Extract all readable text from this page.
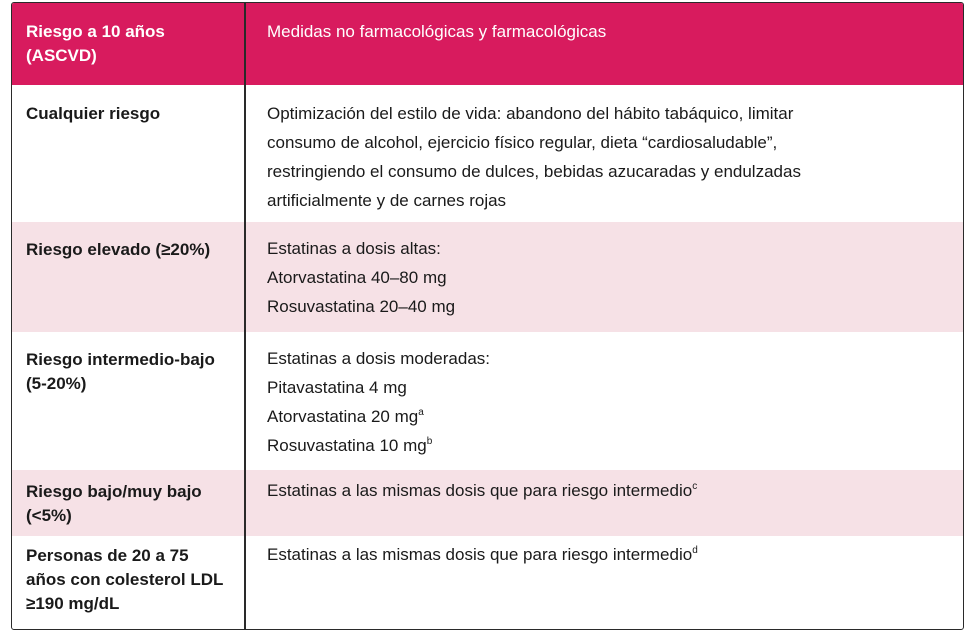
Riesgo a 10 años (ASCVD)
Medidas no farmacológicas y farmacológicas
Cualquier riesgo	Optimización del estilo de vida: abandono del hábito tabáquico, limitar
consumo de alcohol, ejercicio físico regular, dieta “cardiosaludable”,
restringiendo el consumo de dulces, bebidas azucaradas y endulzadas
artificialmente y de carnes rojas
Riesgo elevado (≥20%)	Estatinas a dosis altas:
Atorvastatina 40–80 mg
Rosuvastatina 20–40 mg
Riesgo intermedio-bajo (5-20%)
Estatinas a dosis moderadas:
Pitavastatina 4 mg
Atorvastatina 20 $mg^a$
Rosuvastatina 10 $mg^b$
Riesgo bajo/muy bajo (<5%)
Estatinas a las mismas dosis que para riesgo intermedio$^c$
Personas de 20 a 75 años con colesterol LDL ≥190 mg/dL
Estatinas a las mismas dosis que para riesgo intermedio$^d$
